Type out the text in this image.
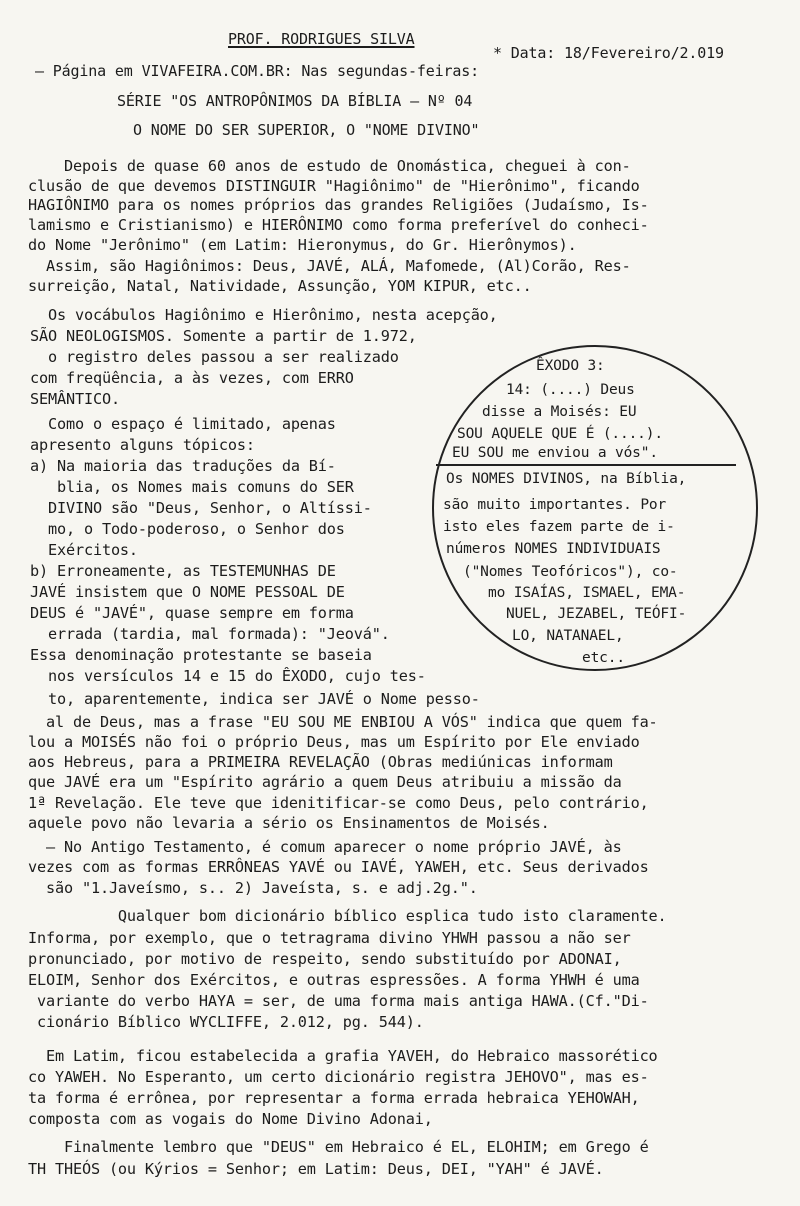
PROF. RODRIGUES SILVA
* Data: 18/Fevereiro/2.019
— Página em VIVAFEIRA.COM.BR: Nas segundas-feiras:
SÉRIE "OS ANTROPÔNIMOS DA BÍBLIA — Nº 04
O NOME DO SER SUPERIOR, O "NOME DIVINO"
Depois de quase 60 anos de estudo de Onomástica, cheguei à con-
clusão de que devemos DISTINGUIR "Hagiônimo" de "Hierônimo", ficando
HAGIÔNIMO para os nomes próprios das grandes Religiões (Judaísmo, Is-
lamismo e Cristianismo) e HIERÔNIMO como forma preferível do conheci-
do Nome "Jerônimo" (em Latim: Hieronymus, do Gr. Hierônymos).
Assim, são Hagiônimos: Deus, JAVÉ, ALÁ, Mafomede, (Al)Corão, Res-
surreição, Natal, Natividade, Assunção, YOM KIPUR, etc..
Os vocábulos Hagiônimo e Hierônimo, nesta acepção,
SÃO NEOLOGISMOS. Somente a partir de 1.972,
o registro deles passou a ser realizado
com freqüência, a às vezes, com ERRO
SEMÂNTICO.
Como o espaço é limitado, apenas
apresento alguns tópicos:
a) Na maioria das traduções da Bí-
blia, os Nomes mais comuns do SER
DIVINO são "Deus, Senhor, o Altíssi-
mo, o Todo-poderoso, o Senhor dos
Exércitos.
b) Erroneamente, as TESTEMUNHAS DE
JAVÉ insistem que O NOME PESSOAL DE
DEUS é "JAVÉ", quase sempre em forma
errada (tardia, mal formada): "Jeová".
Essa denominação protestante se baseia
nos versículos 14 e 15 do ÊXODO, cujo tes-
to, aparentemente, indica ser JAVÉ o Nome pesso-
ÊXODO 3:
14: (....) Deus
disse a Moisés: EU
SOU AQUELE QUE É (....).
EU SOU me enviou a vós".
Os NOMES DIVINOS, na Bíblia,
são muito importantes. Por
isto eles fazem parte de i-
números NOMES INDIVIDUAIS
("Nomes Teofóricos"), co-
mo ISAÍAS, ISMAEL, EMA-
NUEL, JEZABEL, TEÓFI-
LO, NATANAEL,
etc..
al de Deus, mas a frase "EU SOU ME ENBIOU A VÓS" indica que quem fa-
lou a MOISÉS não foi o próprio Deus, mas um Espírito por Ele enviado
aos Hebreus, para a PRIMEIRA REVELAÇÃO (Obras mediúnicas informam
que JAVÉ era um "Espírito agrário a quem Deus atribuiu a missão da
1ª Revelação. Ele teve que idenitificar-se como Deus, pelo contrário,
aquele povo não levaria a sério os Ensinamentos de Moisés.
— No Antigo Testamento, é comum aparecer o nome próprio JAVÉ, às
vezes com as formas ERRÔNEAS YAVÉ ou IAVÉ, YAWEH, etc. Seus derivados
são "1.Javeísmo, s.. 2) Javeísta, s. e adj.2g.".
Qualquer bom dicionário bíblico esplica tudo isto claramente.
Informa, por exemplo, que o tetragrama divino YHWH passou a não ser
pronunciado, por motivo de respeito, sendo substituído por ADONAI,
ELOIM, Senhor dos Exércitos, e outras espressões. A forma YHWH é uma
variante do verbo HAYA = ser, de uma forma mais antiga HAWA.(Cf."Di-
cionário Bíblico WYCLIFFE, 2.012, pg. 544).
Em Latim, ficou estabelecida a grafia YAVEH, do Hebraico massorético
co YAWEH. No Esperanto, um certo dicionário registra JEHOVO", mas es-
ta forma é errônea, por representar a forma errada hebraica YEHOWAH,
composta com as vogais do Nome Divino Adonai,
Finalmente lembro que "DEUS" em Hebraico é EL, ELOHIM; em Grego é
TH THEÓS (ou Kýrios = Senhor; em Latim: Deus, DEI, "YAH" é JAVÉ.
